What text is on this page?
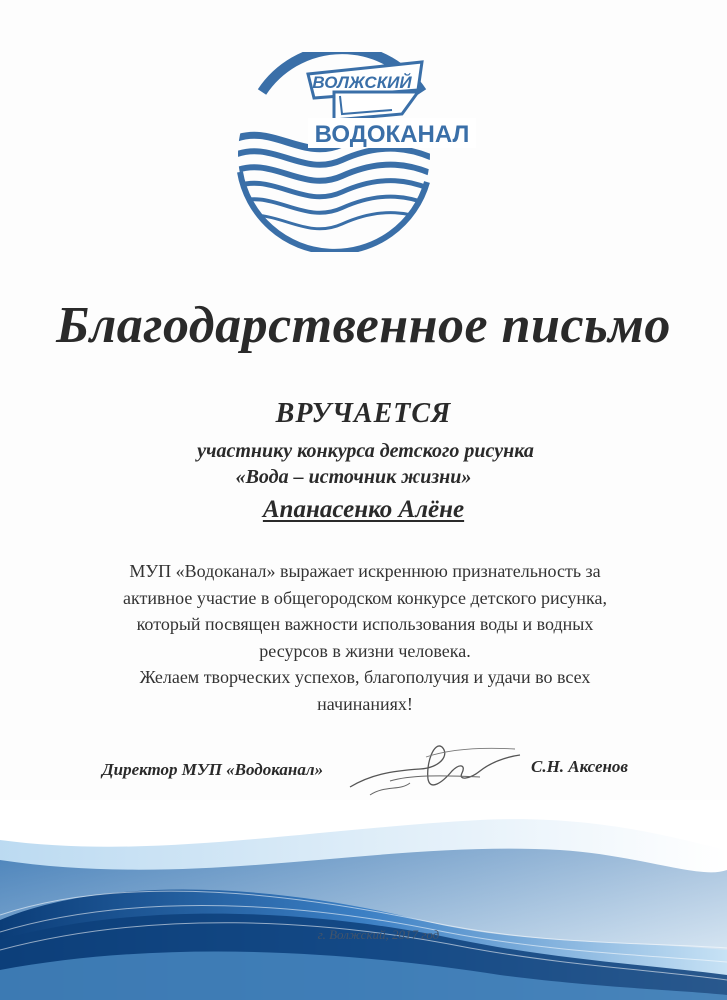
ВОЛЖСКИЙ
ВОДОКАНАЛ
Благодарственное письмо
ВРУЧАЕТСЯ
участнику конкурса детского рисунка
«Вода – источник жизни»
Апанасенко Алёне

МУП «Водоканал» выражает искреннюю признательность за

активное участие в общегородском конкурсе детского рисунка,

который посвящен важности использования воды и водных

ресурсов в жизни человека.

Желаем творческих успехов, благополучия и удачи во всех

начинаниях!

Директор МУП «Водоканал»	С.Н. Аксенов
г. Волжский, 2017 год
